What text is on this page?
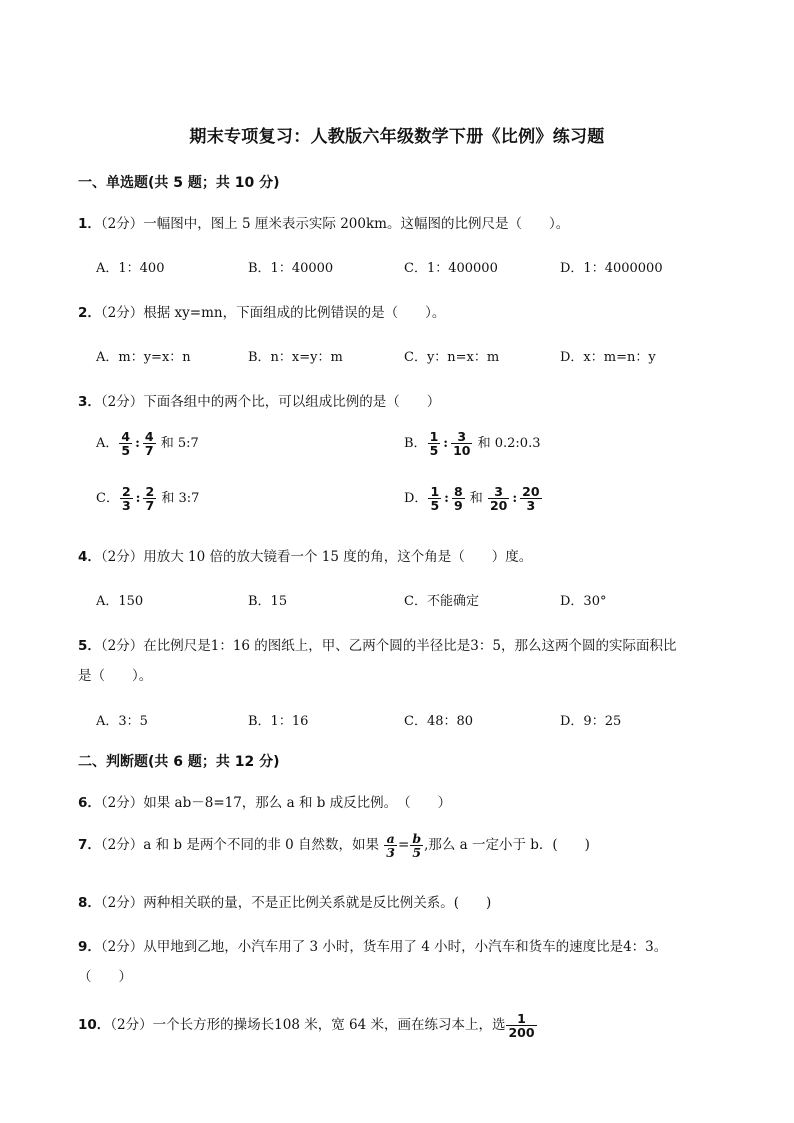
期末专项复习：人教版六年级数学下册《比例》练习题
一、单选题(共 5 题；共 10 分)
1．（2分）一幅图中，图上 5 厘米表示实际 200km。这幅图的比例尺是（　　）。
A．1：400	B．1：40000	C．1：400000	D．1：4000000
2．（2分）根据 xy=mn，下面组成的比例错误的是（　　）。
A．m：y=x：n	B．n：x=y：m	C．y：n=x：m	D．x：m=n：y
3．（2分）下面各组中的两个比，可以组成比例的是（　　）
A． $\frac{4}{5}$ : $\frac{4}{7}$ 和 5:7	B． $\frac{1}{5}$ : $\frac{3}{10}$ 和 0.2:0.3
C． $\frac{2}{3}$ : $\frac{2}{7}$ 和 3:7	D． $\frac{1}{5}$ : $\frac{8}{9}$ 和 $\frac{3}{20}$ : $\frac{20}{3}$
4．（2分）用放大 10 倍的放大镜看一个 15 度的角，这个角是（　　）度。
A．150	B．15	C．不能确定	D．30°
5．（2分）在比例尺是1：16 的图纸上，甲、乙两个圆的半径比是3：5，那么这两个圆的实际面积比
是（　　）。
A．3：5	B．1：16	C．48：80	D．9：25
二、判断题(共 6 题；共 12 分)
6．（2分）如果 ab－8=17，那么 a 和 b 成反比例。　（　　）
7．（2分）a 和 b 是两个不同的非 0 自然数，如果 $\frac{a}{3} = \frac{b}{5}$ ,那么 a 一定小于 b．(　　)
8．（2分）两种相关联的量，不是正比例关系就是反比例关系。(　　)
9．（2分）从甲地到乙地，小汽车用了 3 小时，货车用了 4 小时，小汽车和货车的速度比是4：3。
（　　）
10．（2分）一个长方形的操场长108 米，宽 64 米，画在练习本上，选 $\frac{1}{200}$
